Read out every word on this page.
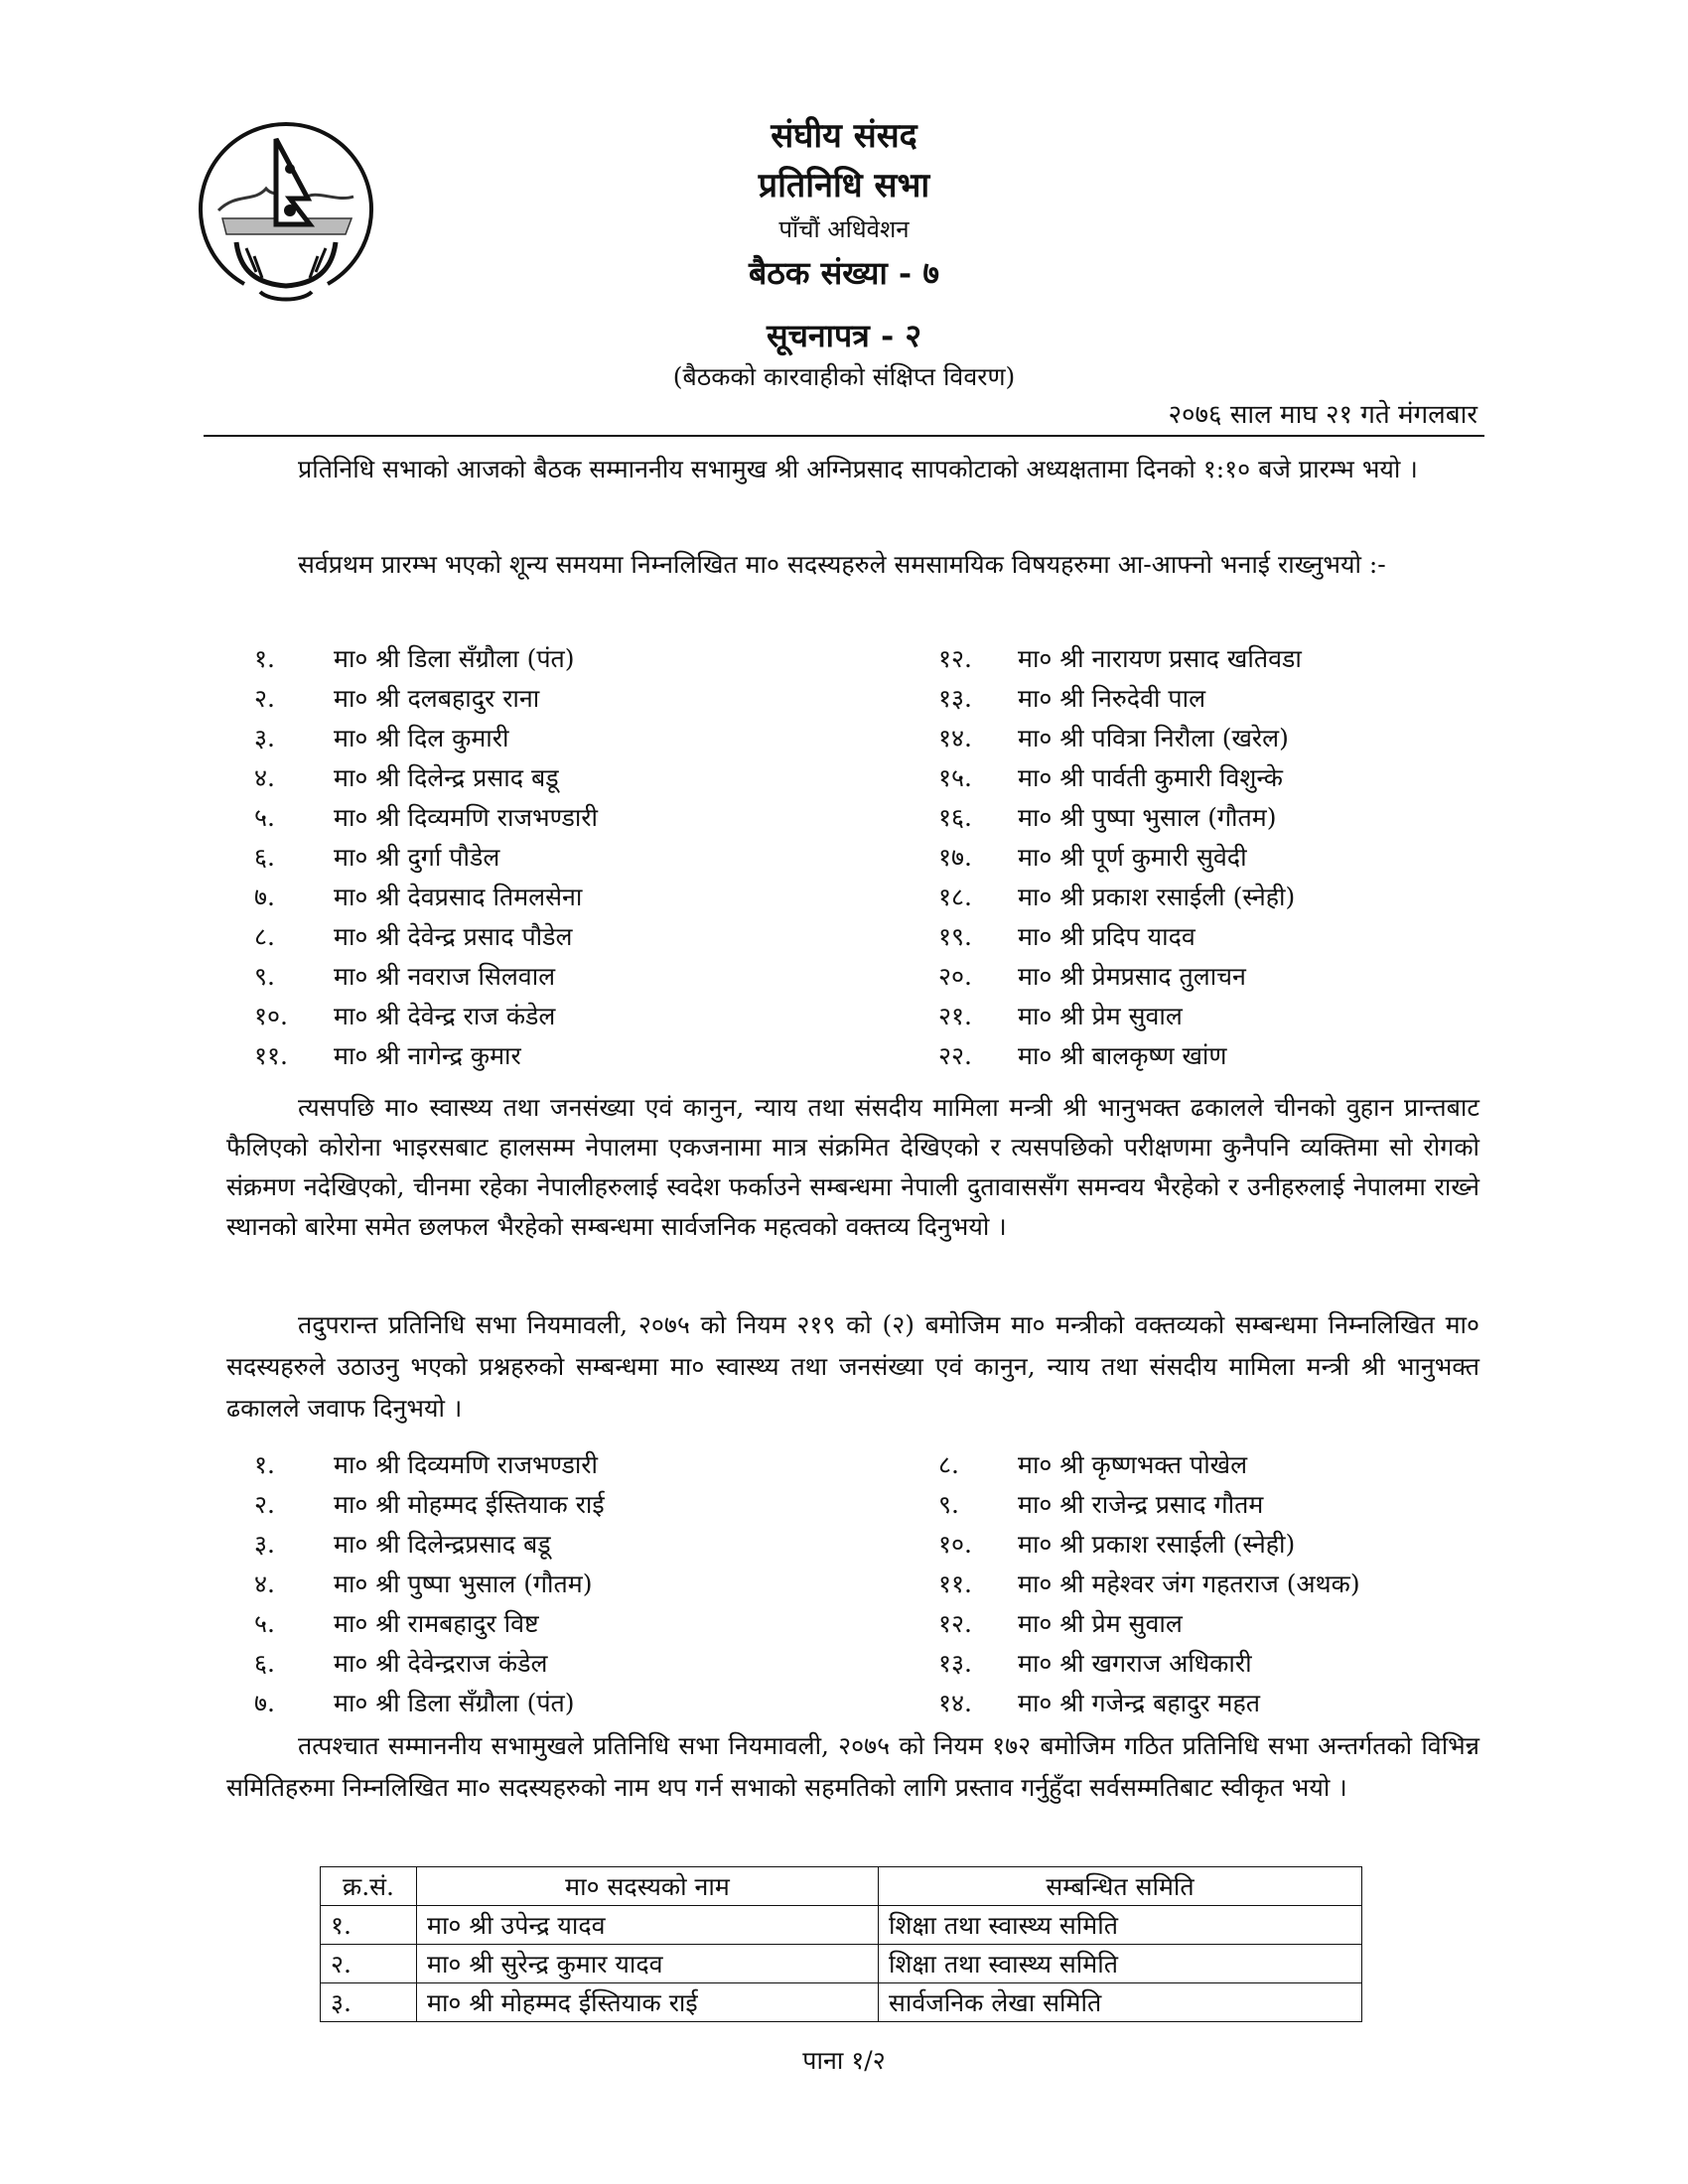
संघीय संसद
प्रतिनिधि सभा
पाँचौं अधिवेशन
बैठक संख्या - ७
सूचनापत्र - २
(बैठकको कारवाहीको संक्षिप्त विवरण)
२०७६ साल माघ २१ गते मंगलबार

प्रतिनिधि सभाको आजको बैठक सम्माननीय सभामुख श्री अग्निप्रसाद सापकोटाको अध्यक्षतामा दिनको १:१० बजे प्रारम्भ भयो ।

सर्वप्रथम प्रारम्भ भएको शून्य समयमा निम्नलिखित मा० सदस्यहरुले समसामयिक विषयहरुमा आ-आफ्नो भनाई राख्नुभयो :-

१. मा० श्री डिला सँग्रौला (पंत)
२. मा० श्री दलबहादुर राना
३. मा० श्री दिल कुमारी
४. मा० श्री दिलेन्द्र प्रसाद बडू
५. मा० श्री दिव्यमणि राजभण्डारी
६. मा० श्री दुर्गा पौडेल
७. मा० श्री देवप्रसाद तिमलसेना
८. मा० श्री देवेन्द्र प्रसाद पौडेल
९. मा० श्री नवराज सिलवाल
१०. मा० श्री देवेन्द्र राज कंडेल
११. मा० श्री नागेन्द्र कुमार
१२. मा० श्री नारायण प्रसाद खतिवडा
१३. मा० श्री निरुदेवी पाल
१४. मा० श्री पवित्रा निरौला (खरेल)
१५. मा० श्री पार्वती कुमारी विशुन्के
१६. मा० श्री पुष्पा भुसाल (गौतम)
१७. मा० श्री पूर्ण कुमारी सुवेदी
१८. मा० श्री प्रकाश रसाईली (स्नेही)
१९. मा० श्री प्रदिप यादव
२०. मा० श्री प्रेमप्रसाद तुलाचन
२१. मा० श्री प्रेम सुवाल
२२. मा० श्री बालकृष्ण खांण

त्यसपछि मा० स्वास्थ्य तथा जनसंख्या एवं कानुन, न्याय तथा संसदीय मामिला मन्त्री श्री भानुभक्त ढकालले चीनको वुहान प्रान्तबाट फैलिएको कोरोना भाइरसबाट हालसम्म नेपालमा एकजनामा मात्र संक्रमित देखिएको र त्यसपछिको परीक्षणमा कुनैपनि व्यक्तिमा सो रोगको संक्रमण नदेखिएको, चीनमा रहेका नेपालीहरुलाई स्वदेश फर्काउने सम्बन्धमा नेपाली दुतावाससँग समन्वय भैरहेको र उनीहरुलाई नेपालमा राख्ने स्थानको बारेमा समेत छलफल भैरहेको सम्बन्धमा सार्वजनिक महत्वको वक्तव्य दिनुभयो ।

तदुपरान्त प्रतिनिधि सभा नियमावली, २०७५ को नियम २१९ को (२) बमोजिम मा० मन्त्रीको वक्तव्यको सम्बन्धमा निम्नलिखित मा० सदस्यहरुले उठाउनु भएको प्रश्नहरुको सम्बन्धमा मा० स्वास्थ्य तथा जनसंख्या एवं कानुन, न्याय तथा संसदीय मामिला मन्त्री श्री भानुभक्त ढकालले जवाफ दिनुभयो ।

१. मा० श्री दिव्यमणि राजभण्डारी
२. मा० श्री मोहम्मद ईस्तियाक राई
३. मा० श्री दिलेन्द्रप्रसाद बडू
४. मा० श्री पुष्पा भुसाल (गौतम)
५. मा० श्री रामबहादुर विष्ट
६. मा० श्री देवेन्द्रराज कंडेल
७. मा० श्री डिला सँग्रौला (पंत)
८. मा० श्री कृष्णभक्त पोखेल
९. मा० श्री राजेन्द्र प्रसाद गौतम
१०. मा० श्री प्रकाश रसाईली (स्नेही)
११. मा० श्री महेश्वर जंग गहतराज (अथक)
१२. मा० श्री प्रेम सुवाल
१३. मा० श्री खगराज अधिकारी
१४. मा० श्री गजेन्द्र बहादुर महत

तत्पश्चात सम्माननीय सभामुखले प्रतिनिधि सभा नियमावली, २०७५ को नियम १७२ बमोजिम गठित प्रतिनिधि सभा अन्तर्गतको विभिन्न समितिहरुमा निम्नलिखित मा० सदस्यहरुको नाम थप गर्न सभाको सहमतिको लागि प्रस्ताव गर्नुहुँदा सर्वसम्मतिबाट स्वीकृत भयो ।

क्र.सं.	मा० सदस्यको नाम	सम्बन्धित समिति
१.	मा० श्री उपेन्द्र यादव	शिक्षा तथा स्वास्थ्य समिति
२.	मा० श्री सुरेन्द्र कुमार यादव	शिक्षा तथा स्वास्थ्य समिति
३.	मा० श्री मोहम्मद ईस्तियाक राई	सार्वजनिक लेखा समिति
पाना १/२
